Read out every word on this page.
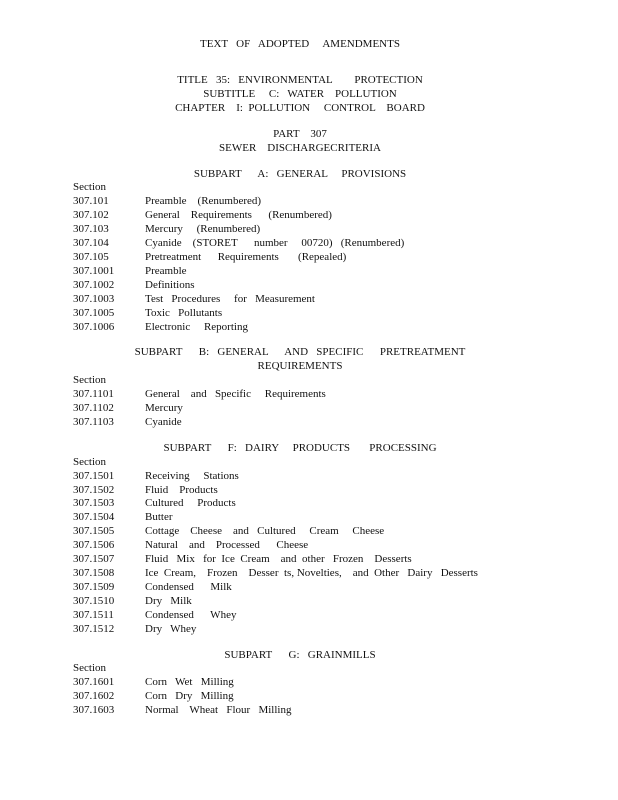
TEXT   OF   ADOPTED     AMENDMENTS
TITLE   35:   ENVIRONMENTAL        PROTECTION
SUBTITLE     C:   WATER    POLLUTION
CHAPTER    I:  POLLUTION     CONTROL    BOARD
PART    307
SEWER    DISCHARGECRITERIA
SUBPART      A:   GENERAL     PROVISIONS
Section
307.101	Preamble    (Renumbered)
307.102	General    Requirements      (Renumbered)
307.103	Mercury     (Renumbered)
307.104	Cyanide    (STORET      number     00720)   (Renumbered)
307.105	Pretreatment      Requirements       (Repealed)
307.1001	Preamble
307.1002	Definitions
307.1003	Test   Procedures     for   Measurement
307.1005	Toxic   Pollutants
307.1006	Electronic     Reporting
SUBPART      B:   GENERAL      AND   SPECIFIC      PRETREATMENT
REQUIREMENTS
Section
307.1101	General    and   Specific     Requirements
307.1102	Mercury
307.1103	Cyanide
SUBPART      F:   DAIRY     PRODUCTS       PROCESSING
Section
307.1501	Receiving     Stations
307.1502	Fluid    Products
307.1503	Cultured     Products
307.1504	Butter
307.1505	Cottage    Cheese    and   Cultured     Cream     Cheese
307.1506	Natural    and    Processed      Cheese
307.1507	Fluid   Mix   for  Ice  Cream    and  other   Frozen    Desserts
307.1508	Ice  Cream,    Frozen    Desser  ts, Novelties,    and  Other   Dairy   Desserts
307.1509	Condensed      Milk
307.1510	Dry   Milk
307.1511	Condensed      Whey
307.1512	Dry   Whey
SUBPART      G:   GRAINMILLS
Section
307.1601	Corn   Wet   Milling
307.1602	Corn   Dry   Milling
307.1603	Normal    Wheat   Flour   Milling
